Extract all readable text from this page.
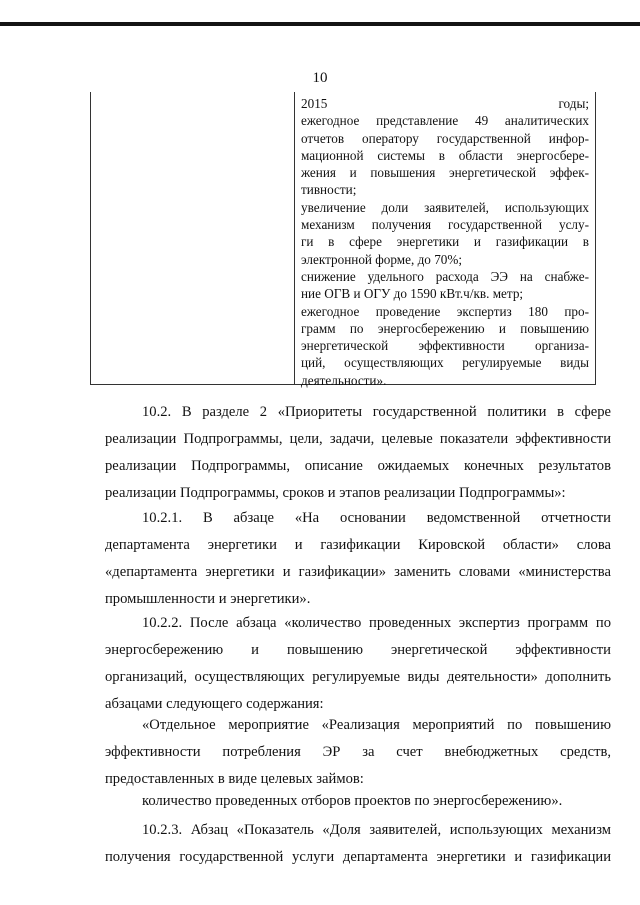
10
2015 годы;
ежегодное представление 49 аналитических
отчетов оператору государственной инфор-
мационной системы в области энергосбере-
жения и повышения энергетической эффек-
тивности;
увеличение доли заявителей, использующих
механизм получения государственной услу-
ги в сфере энергетики и газификации в
электронной форме, до 70%;
снижение удельного расхода ЭЭ на снабже-
ние ОГВ и ОГУ до 1590 кВт.ч/кв. метр;
ежегодное проведение экспертиз 180 про-
грамм по энергосбережению и повышению
энергетической эффективности организа-
ций, осуществляющих регулируемые виды
деятельности».
10.2. В разделе 2 «Приоритеты государственной политики в сфере
реализации Подпрограммы, цели, задачи, целевые показатели эффективности
реализации Подпрограммы, описание ожидаемых конечных результатов
реализации Подпрограммы, сроков и этапов реализации Подпрограммы»:
10.2.1. В абзаце «На основании ведомственной отчетности
департамента энергетики и газификации Кировской области» слова
«департамента энергетики и газификации» заменить словами «министерства
промышленности и энергетики».
10.2.2. После абзаца «количество проведенных экспертиз программ по
энергосбережению и повышению энергетической эффективности
организаций, осуществляющих регулируемые виды деятельности» дополнить
абзацами следующего содержания:
«Отдельное мероприятие «Реализация мероприятий по повышению
эффективности потребления ЭР за счет внебюджетных средств,
предоставленных в виде целевых займов:
количество проведенных отборов проектов по энергосбережению».
10.2.3. Абзац «Показатель «Доля заявителей, использующих механизм
получения государственной услуги департамента энергетики и газификации
